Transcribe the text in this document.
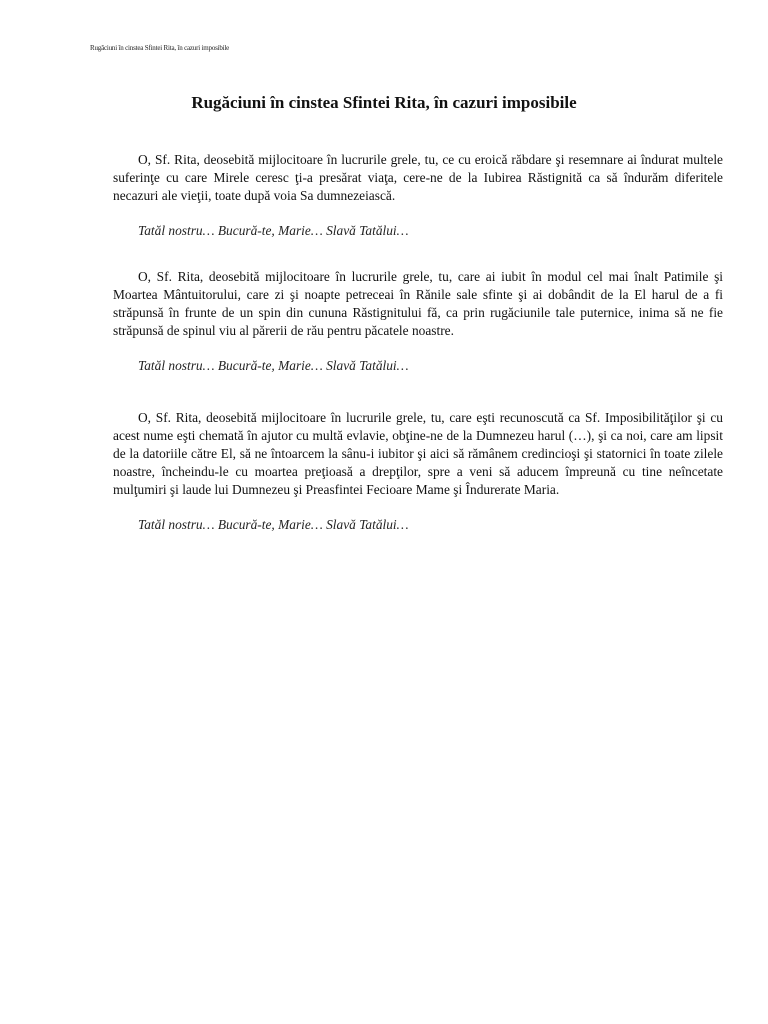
Rugăciuni în cinstea Sfintei Rita, în cazuri imposibile
Rugăciuni în cinstea Sfintei Rita, în cazuri imposibile

O, Sf. Rita, deosebită mijlocitoare în lucrurile grele, tu, ce cu eroică răbdare şi resemnare ai îndurat multele suferinţe cu care Mirele ceresc ţi-a presărat viaţa, cere-ne de la Iubirea Răstignită ca să îndurăm diferitele necazuri ale vieţii, toate după voia Sa dumnezeiască.

Tatăl nostru… Bucură-te, Marie… Slavă Tatălui…

O, Sf. Rita, deosebită mijlocitoare în lucrurile grele, tu, care ai iubit în modul cel mai înalt Patimile şi Moartea Mântuitorului, care zi şi noapte petreceai în Rănile sale sfinte şi ai dobândit de la El harul de a fi străpunsă în frunte de un spin din cununa Răstignitului fă, ca prin rugăciunile tale puternice, inima să ne fie străpunsă de spinul viu al părerii de rău pentru păcatele noastre.

Tatăl nostru… Bucură-te, Marie… Slavă Tatălui…

O, Sf. Rita, deosebită mijlocitoare în lucrurile grele, tu, care eşti recunoscută ca Sf. Imposibilităţilor şi cu acest nume eşti chemată în ajutor cu multă evlavie, obţine-ne de la Dumnezeu harul (…), şi ca noi, care am lipsit de la datoriile către El, să ne întoarcem la sânu-i iubitor şi aici să rămânem credincioşi şi statornici în toate zilele noastre, încheindu-le cu moartea preţioasă a drepţilor, spre a veni să aducem împreună cu tine neîncetate mulţumiri şi laude lui Dumnezeu şi Preasfintei Fecioare Mame şi Îndurerate Maria.

Tatăl nostru… Bucură-te, Marie… Slavă Tatălui…
